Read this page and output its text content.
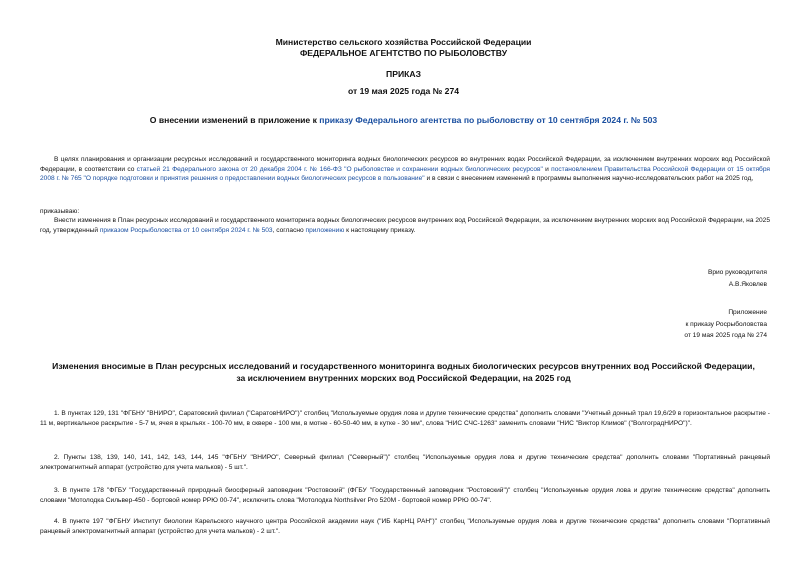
Министерство сельского хозяйства Российской Федерации
ФЕДЕРАЛЬНОЕ АГЕНТСТВО ПО РЫБОЛОВСТВУ
ПРИКАЗ
от 19 мая 2025 года № 274
О внесении изменений в приложение к приказу Федерального агентства по рыболовству от 10 сентября 2024 г. № 503
В целях планирования и организации ресурсных исследований и государственного мониторинга водных биологических ресурсов во внутренних водах Российской Федерации, за исключением внутренних морских вод Российской Федерации, в соответствии со статьей 21 Федерального закона от 20 декабря 2004 г. № 166-ФЗ "О рыболовстве и сохранении водных биологических ресурсов" и постановлением Правительства Российской Федерации от 15 октября 2008 г. № 765 "О порядке подготовки и принятия решения о предоставлении водных биологических ресурсов в пользование" и в связи с внесением изменений в программы выполнения научно-исследовательских работ на 2025 год,
приказываю:
Внести изменения в План ресурсных исследований и государственного мониторинга водных биологических ресурсов внутренних вод Российской Федерации, за исключением внутренних морских вод Российской Федерации, на 2025 год, утвержденный приказом Росрыболовства от 10 сентября 2024 г. № 503, согласно приложению к настоящему приказу.
Врио руководителя
А.В.Яковлев
Приложение
к приказу Росрыболовства
от 19 мая 2025 года № 274
Изменения вносимые в План ресурсных исследований и государственного мониторинга водных биологических ресурсов внутренних вод Российской Федерации,
за исключением внутренних морских вод Российской Федерации, на 2025 год
1. В пунктах 129, 131 "ФГБНУ "ВНИРО", Саратовский филиал ("СаратовНИРО")" столбец "Используемые орудия лова и другие технические средства" дополнить словами "Учетный донный трал 19,6/29 в горизонтальное раскрытие - 11 м, вертикальное раскрытие - 5-7 м, ячея в крыльях - 100-70 мм, в сквере - 100 мм, в мотне - 60-50-40 мм, в кутке - 30 мм", слова "НИС СЧС-1263" заменить словами "НИС "Виктор Климов" ("ВолгоградНИРО")".
2. Пункты 138, 139, 140, 141, 142, 143, 144, 145 "ФГБНУ "ВНИРО", Северный филиал ("Северный")" столбец "Используемые орудия лова и другие технические средства" дополнить словами "Портативный ранцевый электромагнитный аппарат (устройство для учета мальков) - 5 шт.".
3. В пункте 178 "ФГБУ "Государственный природный биосферный заповедник "Ростовский" (ФГБУ "Государственный заповедник "Ростовский")" столбец "Используемые орудия лова и другие технические средства" дополнить словами "Мотолодка Сильвер-450 - бортовой номер РРЮ 00-74", исключить слова "Мотолодка Northsilver Pro 520M - бортовой номер РРЮ 00-74".
4. В пункте 197 "ФГБНУ Институт биологии Карельского научного центра Российской академии наук ("ИБ КарНЦ РАН")" столбец "Используемые орудия лова и другие технические средства" дополнить словами "Портативный ранцевый электромагнитный аппарат (устройство для учета мальков) - 2 шт.".
